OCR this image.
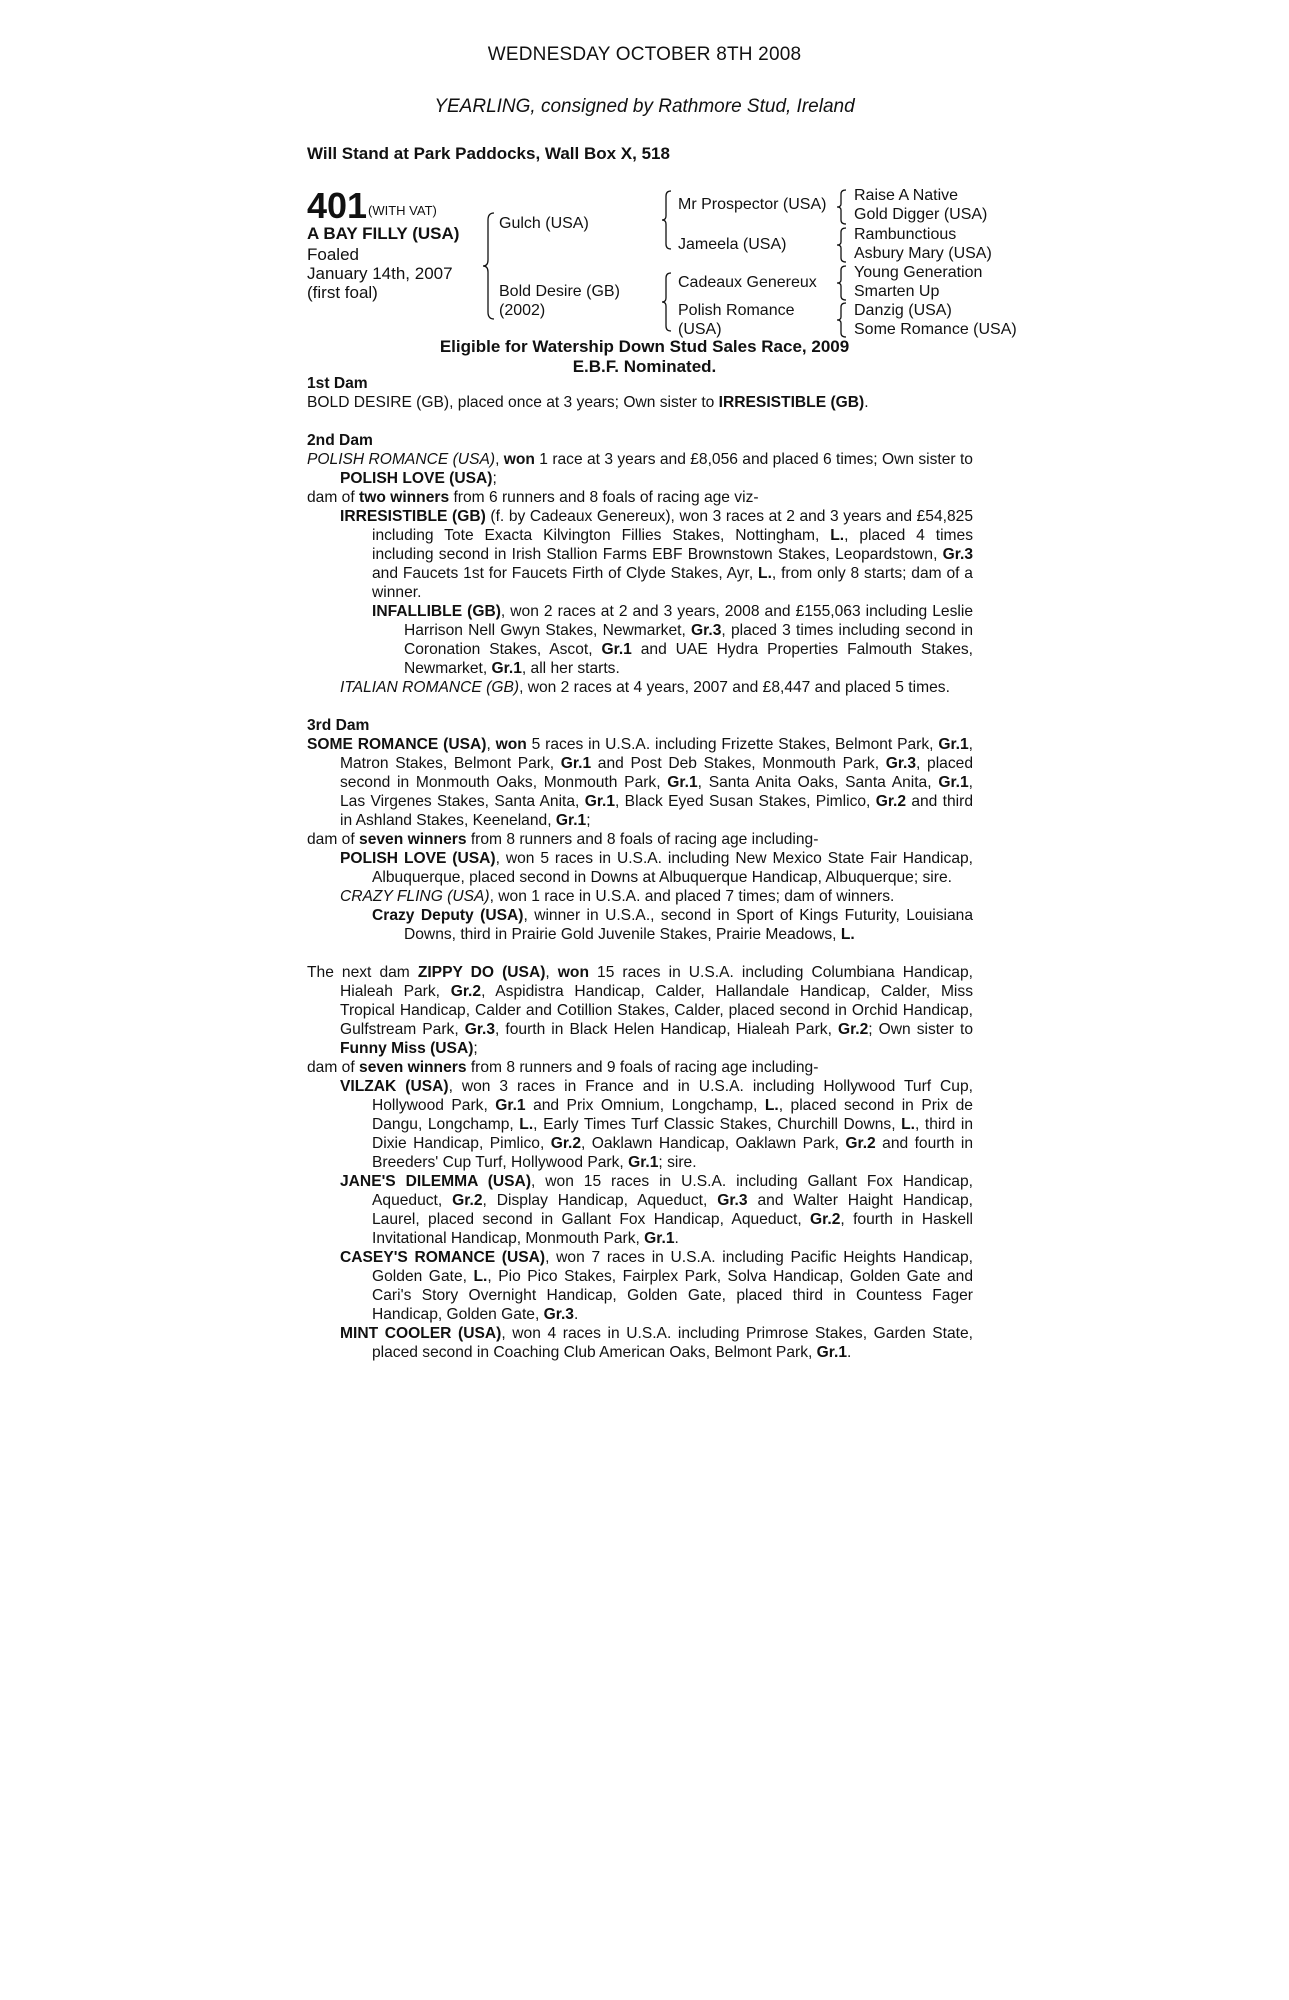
WEDNESDAY OCTOBER 8TH 2008
YEARLING, consigned by Rathmore Stud, Ireland
Will Stand at Park Paddocks, Wall Box X, 518
401 (WITH VAT)
A BAY FILLY (USA)
Foaled
January 14th, 2007
(first foal)
Gulch (USA)
Bold Desire (GB)
(2002)
Mr Prospector (USA)
Jameela (USA)
Cadeaux Genereux
Polish Romance
(USA)
Raise A Native
Gold Digger (USA)
Rambunctious
Asbury Mary (USA)
Young Generation
Smarten Up
Danzig (USA)
Some Romance (USA)
Eligible for Watership Down Stud Sales Race, 2009
E.B.F. Nominated.
1st Dam

BOLD DESIRE (GB), placed once at 3 years; Own sister to IRRESISTIBLE (GB).

2nd Dam

POLISH ROMANCE (USA), won 1 race at 3 years and £8,056 and placed 6 times; Own sister to POLISH LOVE (USA);

dam of two winners from 6 runners and 8 foals of racing age viz-

IRRESISTIBLE (GB) (f. by Cadeaux Genereux), won 3 races at 2 and 3 years and £54,825 including Tote Exacta Kilvington Fillies Stakes, Nottingham, L., placed 4 times including second in Irish Stallion Farms EBF Brownstown Stakes, Leopardstown, Gr.3 and Faucets 1st for Faucets Firth of Clyde Stakes, Ayr, L., from only 8 starts; dam of a winner.

INFALLIBLE (GB), won 2 races at 2 and 3 years, 2008 and £155,063 including Leslie Harrison Nell Gwyn Stakes, Newmarket, Gr.3, placed 3 times including second in Coronation Stakes, Ascot, Gr.1 and UAE Hydra Properties Falmouth Stakes, Newmarket, Gr.1, all her starts.

ITALIAN ROMANCE (GB), won 2 races at 4 years, 2007 and £8,447 and placed 5 times.

3rd Dam

SOME ROMANCE (USA), won 5 races in U.S.A. including Frizette Stakes, Belmont Park, Gr.1, Matron Stakes, Belmont Park, Gr.1 and Post Deb Stakes, Monmouth Park, Gr.3, placed second in Monmouth Oaks, Monmouth Park, Gr.1, Santa Anita Oaks, Santa Anita, Gr.1, Las Virgenes Stakes, Santa Anita, Gr.1, Black Eyed Susan Stakes, Pimlico, Gr.2 and third in Ashland Stakes, Keeneland, Gr.1;

dam of seven winners from 8 runners and 8 foals of racing age including-

POLISH LOVE (USA), won 5 races in U.S.A. including New Mexico State Fair Handicap, Albuquerque, placed second in Downs at Albuquerque Handicap, Albuquerque; sire.

CRAZY FLING (USA), won 1 race in U.S.A. and placed 7 times; dam of winners.

Crazy Deputy (USA), winner in U.S.A., second in Sport of Kings Futurity, Louisiana Downs, third in Prairie Gold Juvenile Stakes, Prairie Meadows, L.

The next dam ZIPPY DO (USA), won 15 races in U.S.A. including Columbiana Handicap, Hialeah Park, Gr.2, Aspidistra Handicap, Calder, Hallandale Handicap, Calder, Miss Tropical Handicap, Calder and Cotillion Stakes, Calder, placed second in Orchid Handicap, Gulfstream Park, Gr.3, fourth in Black Helen Handicap, Hialeah Park, Gr.2; Own sister to Funny Miss (USA);

dam of seven winners from 8 runners and 9 foals of racing age including-

VILZAK (USA), won 3 races in France and in U.S.A. including Hollywood Turf Cup, Hollywood Park, Gr.1 and Prix Omnium, Longchamp, L., placed second in Prix de Dangu, Longchamp, L., Early Times Turf Classic Stakes, Churchill Downs, L., third in Dixie Handicap, Pimlico, Gr.2, Oaklawn Handicap, Oaklawn Park, Gr.2 and fourth in Breeders' Cup Turf, Hollywood Park, Gr.1; sire.

JANE'S DILEMMA (USA), won 15 races in U.S.A. including Gallant Fox Handicap, Aqueduct, Gr.2, Display Handicap, Aqueduct, Gr.3 and Walter Haight Handicap, Laurel, placed second in Gallant Fox Handicap, Aqueduct, Gr.2, fourth in Haskell Invitational Handicap, Monmouth Park, Gr.1.

CASEY'S ROMANCE (USA), won 7 races in U.S.A. including Pacific Heights Handicap, Golden Gate, L., Pio Pico Stakes, Fairplex Park, Solva Handicap, Golden Gate and Cari's Story Overnight Handicap, Golden Gate, placed third in Countess Fager Handicap, Golden Gate, Gr.3.

MINT COOLER (USA), won 4 races in U.S.A. including Primrose Stakes, Garden State, placed second in Coaching Club American Oaks, Belmont Park, Gr.1.
